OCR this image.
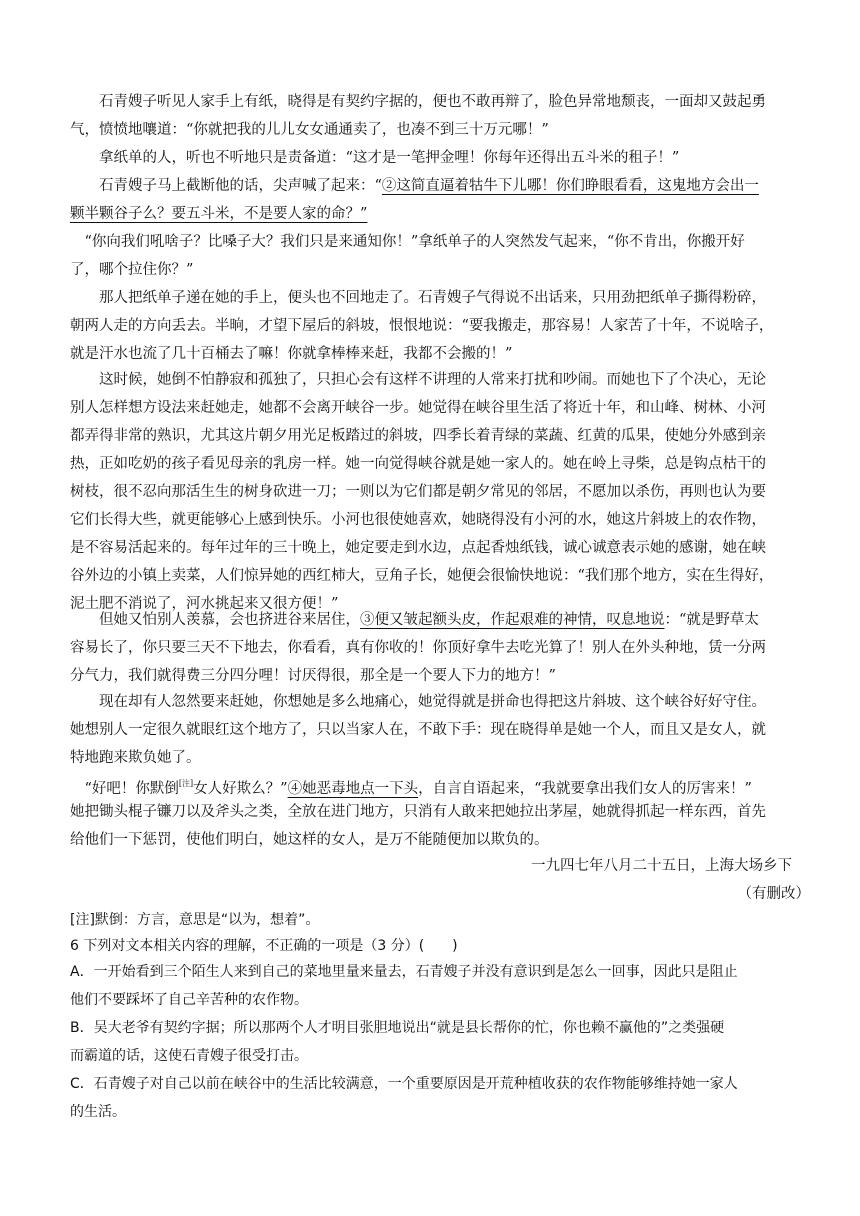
　　石青嫂子听见人家手上有纸，晓得是有契约字据的，便也不敢再辩了，脸色异常地颓丧，一面却又鼓起勇
气，愤愤地嚷道：“你就把我的儿儿女女通通卖了，也凑不到三十万元哪！”
　　拿纸单的人，听也不听地只是责备道：“这才是一笔押金哩！你每年还得出五斗米的租子！”
　　石青嫂子马上截断他的话，尖声喊了起来：“②这简直逼着牯牛下儿哪！你们睁眼看看，这鬼地方会出一
颗半颗谷子么？要五斗米，不是要人家的命？”
　“你向我们吼啥子？比嗓子大？我们只是来通知你！”拿纸单子的人突然发气起来，“你不肯出，你搬开好
了，哪个拉住你？”
　　那人把纸单子递在她的手上，便头也不回地走了。石青嫂子气得说不出话来，只用劲把纸单子撕得粉碎，
朝两人走的方向丢去。半晌，才望下屋后的斜坡，恨恨地说：“要我搬走，那容易！人家苦了十年，不说啥子，
就是汗水也流了几十百桶去了嘛！你就拿棒棒来赶，我都不会搬的！”
　　这时候，她倒不怕静寂和孤独了，只担心会有这样不讲理的人常来打扰和吵闹。而她也下了个决心，无论
别人怎样想方设法来赶她走，她都不会离开峡谷一步。她觉得在峡谷里生活了将近十年，和山峰、树林、小河
都弄得非常的熟识，尤其这片朝夕用光足板踏过的斜坡，四季长着青绿的菜蔬、红黄的瓜果，使她分外感到亲
热，正如吃奶的孩子看见母亲的乳房一样。她一向觉得峡谷就是她一家人的。她在岭上寻柴，总是钩点枯干的
树枝，很不忍向那活生生的树身砍进一刀；一则以为它们都是朝夕常见的邻居，不愿加以杀伤，再则也认为要
它们长得大些，就更能够心上感到快乐。小河也很使她喜欢，她晓得没有小河的水，她这片斜坡上的农作物，
是不容易活起来的。每年过年的三十晚上，她定要走到水边，点起香烛纸钱，诚心诚意表示她的感谢，她在峡
谷外边的小镇上卖菜，人们惊异她的西红柿大，豆角子长，她便会很愉快地说：“我们那个地方，实在生得好，
泥土肥不消说了，河水挑起来又很方便！”
　　但她又怕别人羡慕，会也挤进谷来居住，③便又皱起额头皮，作起艰难的神情，叹息地说：“就是野草太
容易长了，你只要三天不下地去，你看看，真有你收的！你顶好拿牛去吃光算了！别人在外头种地，赁一分两
分气力，我们就得费三分四分哩！讨厌得很，那全是一个要人下力的地方！”
　　现在却有人忽然要来赶她，你想她是多么地痛心，她觉得就是拼命也得把这片斜坡、这个峡谷好好守住。
她想别人一定很久就眼红这个地方了，只以当家人在，不敢下手：现在晓得单是她一个人，而且又是女人，就
特地跑来欺负她了。
　“好吧！你默倒[注]女人好欺么？”④她恶毒地点一下头，自言自语起来，“我就要拿出我们女人的厉害来！”
她把锄头棍子镰刀以及斧头之类，全放在进门地方，只消有人敢来把她拉出茅屋，她就得抓起一样东西，首先
给他们一下惩罚，使他们明白，她这样的女人，是万不能随便加以欺负的。
一九四七年八月二十五日，上海大场乡下
（有删改）
[注]默倒：方言，意思是“以为，想着”。
6 下列对文本相关内容的理解，不正确的一项是（3 分）(　　)
A．一开始看到三个陌生人来到自己的菜地里量来量去，石青嫂子并没有意识到是怎么一回事，因此只是阻止
他们不要踩坏了自己辛苦种的农作物。
B．吴大老爷有契约字据；所以那两个人才明目张胆地说出“就是县长帮你的忙，你也赖不赢他的”之类强硬
而霸道的话，这使石青嫂子很受打击。
C．石青嫂子对自己以前在峡谷中的生活比较满意，一个重要原因是开荒种植收获的农作物能够维持她一家人
的生活。
